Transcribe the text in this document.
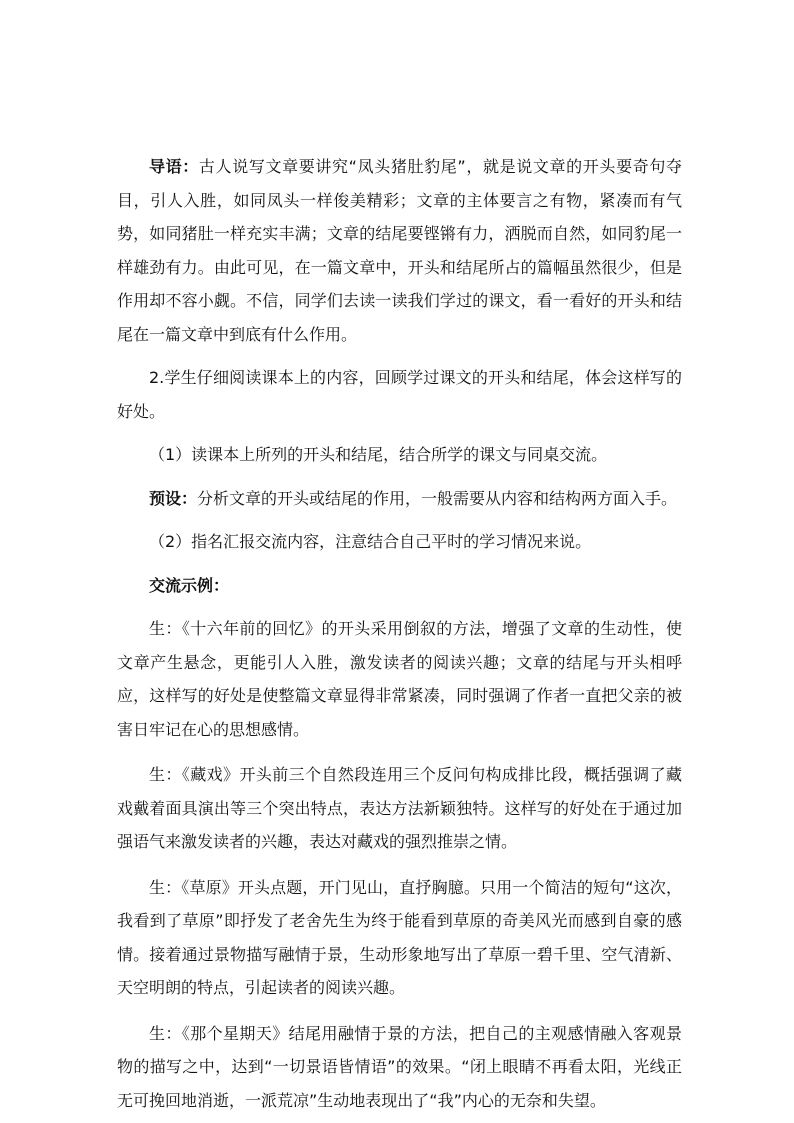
导语：古人说写文章要讲究“凤头猪肚豹尾”，就是说文章的开头要奇句夺目，引人入胜，如同凤头一样俊美精彩；文章的主体要言之有物，紧凑而有气势，如同猪肚一样充实丰满；文章的结尾要铿锵有力，洒脱而自然，如同豹尾一样雄劲有力。由此可见，在一篇文章中，开头和结尾所占的篇幅虽然很少，但是作用却不容小觑。不信，同学们去读一读我们学过的课文，看一看好的开头和结尾在一篇文章中到底有什么作用。

2.学生仔细阅读课本上的内容，回顾学过课文的开头和结尾，体会这样写的好处。

（1）读课本上所列的开头和结尾，结合所学的课文与同桌交流。

预设：分析文章的开头或结尾的作用，一般需要从内容和结构两方面入手。

（2）指名汇报交流内容，注意结合自己平时的学习情况来说。

交流示例：

生：《十六年前的回忆》的开头采用倒叙的方法，增强了文章的生动性，使文章产生悬念，更能引人入胜，激发读者的阅读兴趣；文章的结尾与开头相呼应，这样写的好处是使整篇文章显得非常紧凑，同时强调了作者一直把父亲的被害日牢记在心的思想感情。

生：《藏戏》开头前三个自然段连用三个反问句构成排比段，概括强调了藏戏戴着面具演出等三个突出特点，表达方法新颖独特。这样写的好处在于通过加强语气来激发读者的兴趣，表达对藏戏的强烈推崇之情。

生：《草原》开头点题，开门见山，直抒胸臆。只用一个简洁的短句“这次，我看到了草原”即抒发了老舍先生为终于能看到草原的奇美风光而感到自豪的感情。接着通过景物描写融情于景，生动形象地写出了草原一碧千里、空气清新、天空明朗的特点，引起读者的阅读兴趣。

生：《那个星期天》结尾用融情于景的方法，把自己的主观感情融入客观景物的描写之中，达到“一切景语皆情语”的效果。“闭上眼睛不再看太阳，光线正无可挽回地消逝，一派荒凉”生动地表现出了“我”内心的无奈和失望。
